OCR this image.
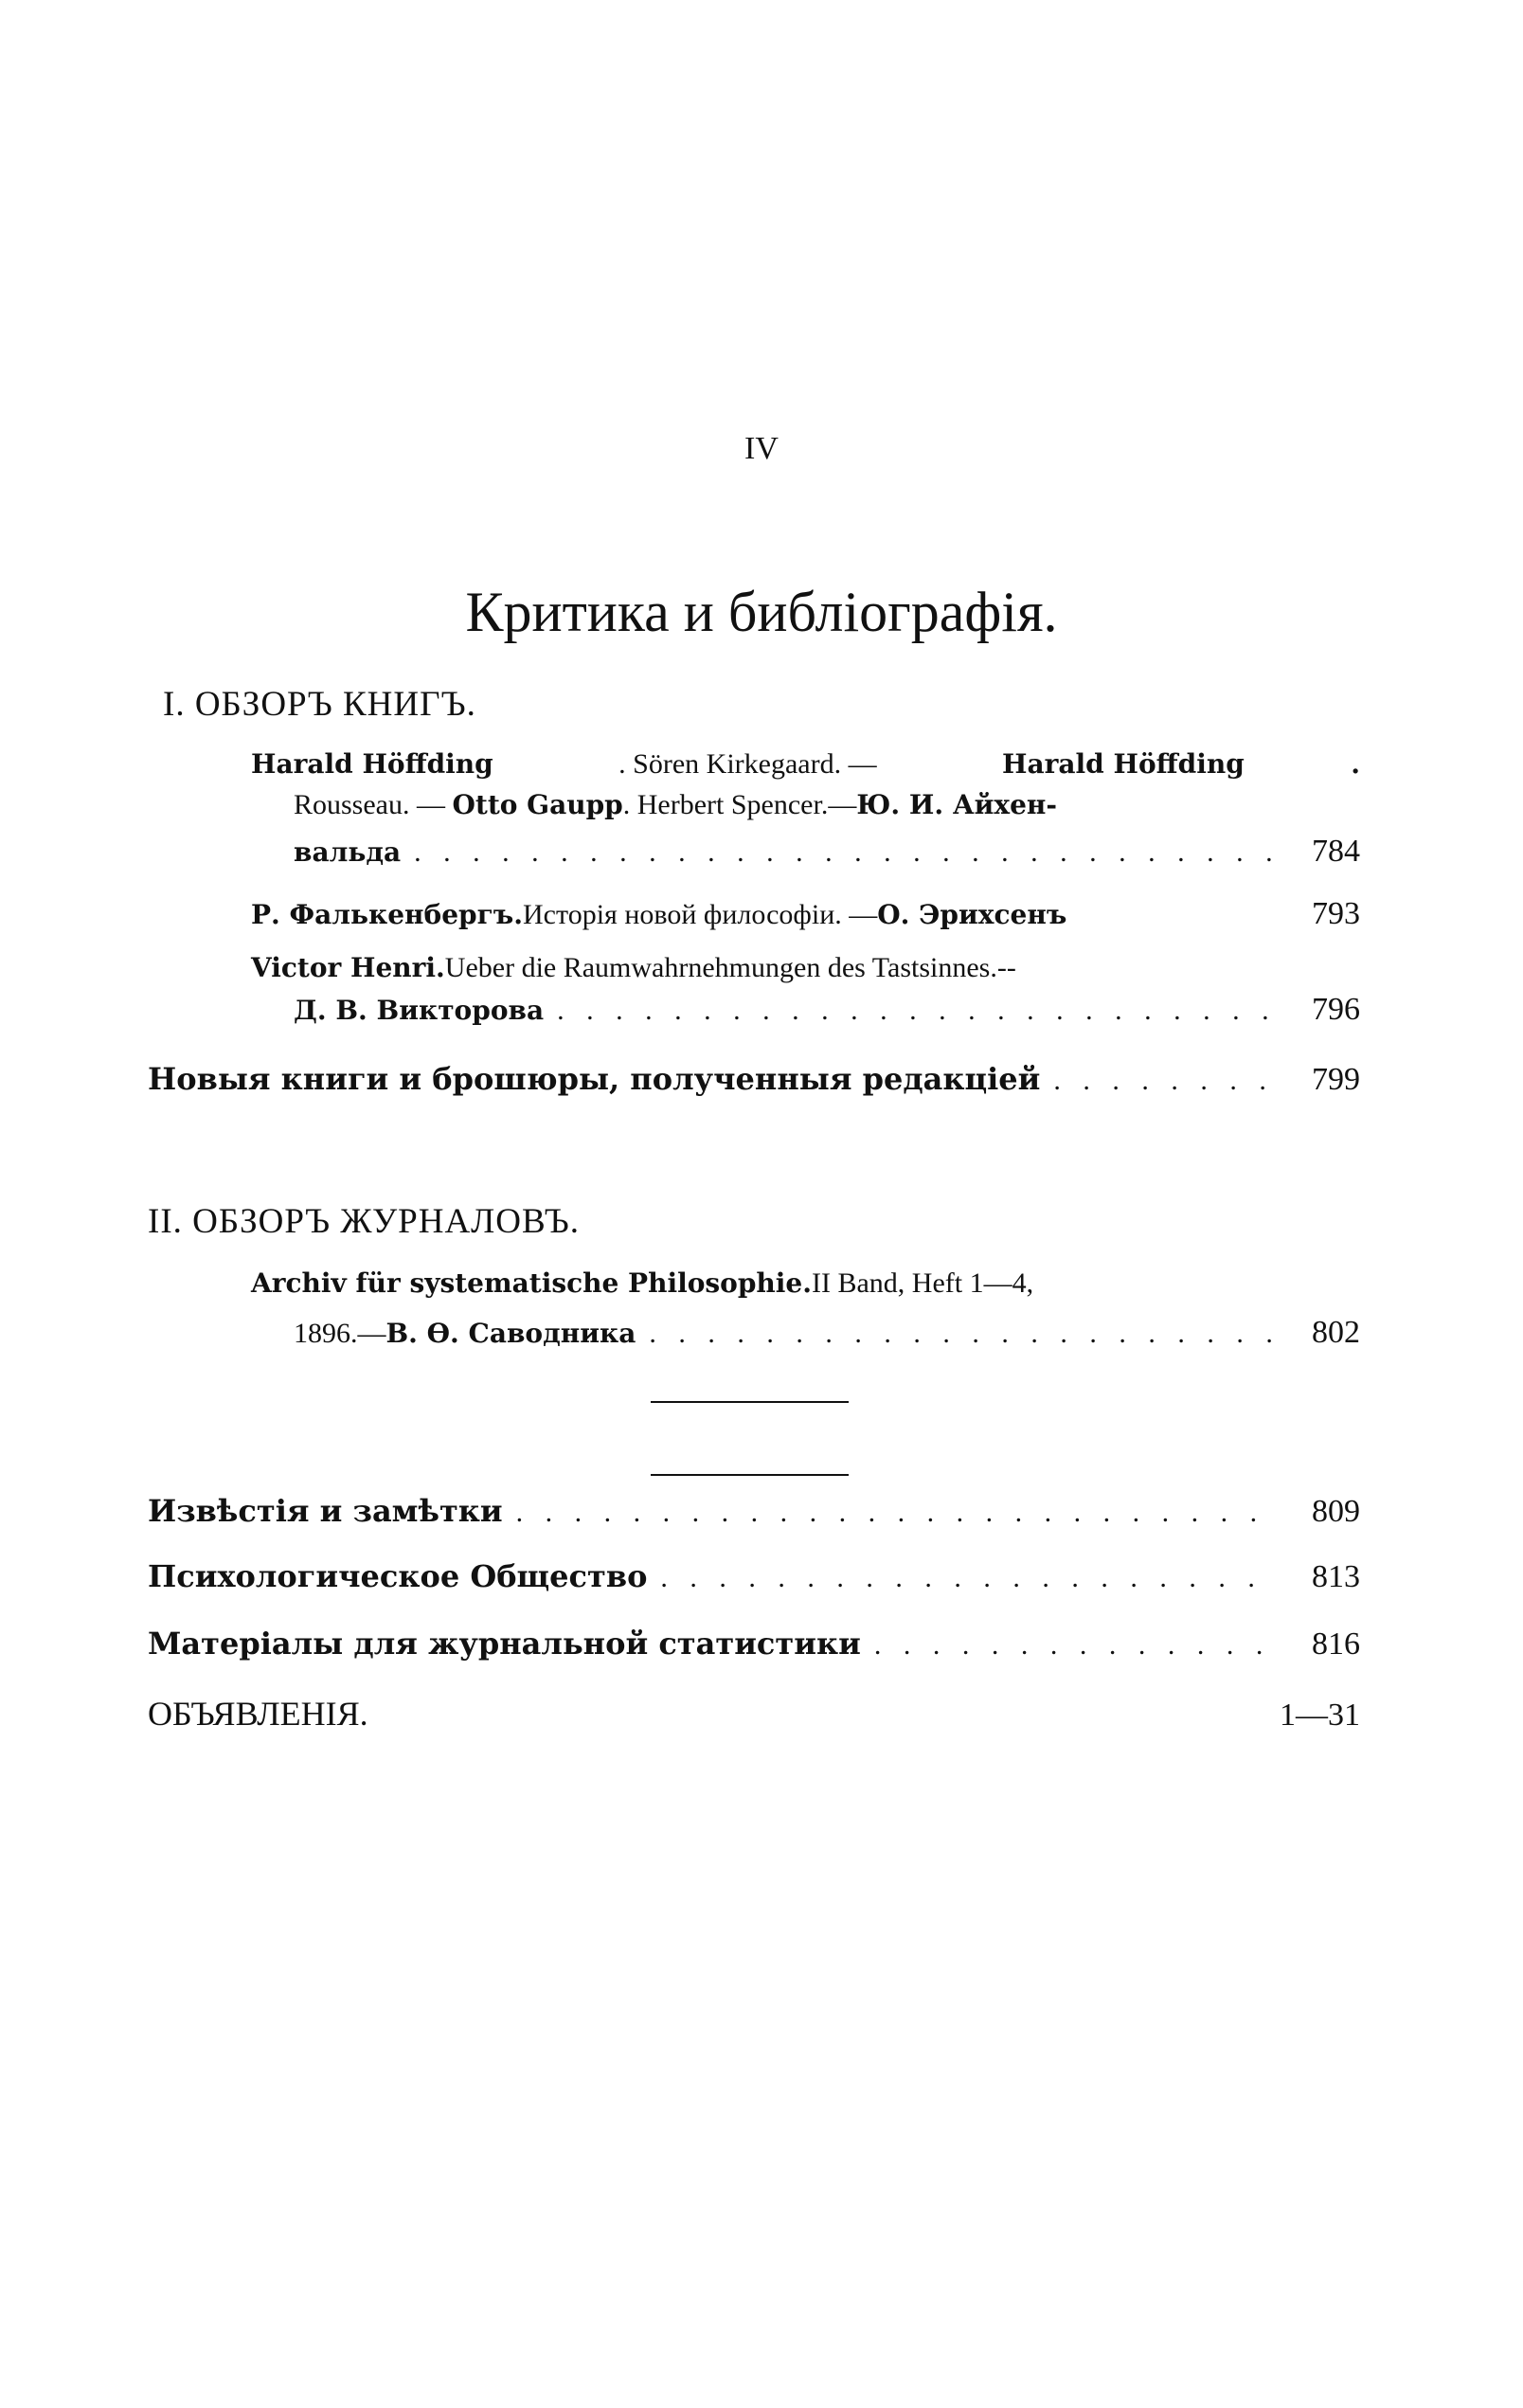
IV
Критика и библіографія.
I. ОБЗОРЪ КНИГЪ.
Harald Höffding	. Sören Kirkegaard. —	Harald Höffding	.
Rousseau. —
Otto Gaupp . Herbert Spencer.— Ю. И. Айхен-
вальда . . .	784
Р. Фалькенбергъ. Исторія новой философіи. — О. Эрихсенъ	793
Victor Henri. Ueber die Raumwahrnehmungen des Tastsinnes.--
Д. В. Викторова . . .	796
Новыя книги и брошюры, полученныя редакціей . . .	799
II. ОБЗОРЪ ЖУРНАЛОВЪ.
Archiv für systematische Philosophie. II Band, Heft 1—4,
1896.— В. Ѳ. Саводника . . .	802
Извѣстія и замѣтки . . .	809
Психологическое Общество . . .	813
Матеріалы для журнальной статистики . . .	816
ОБЪЯВЛЕНІЯ.	1—31
